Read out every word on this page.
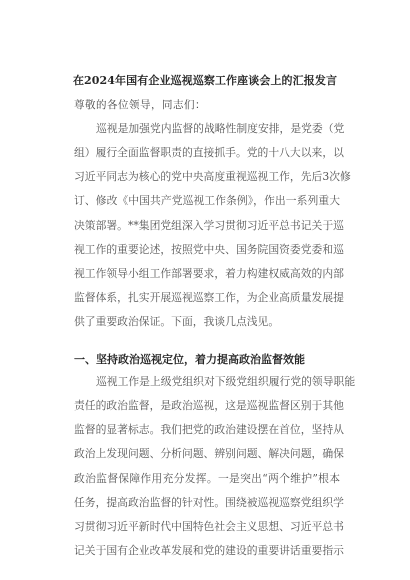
在2024年国有企业巡视巡察工作座谈会上的汇报发言
尊敬的各位领导，同志们：
巡视是加强党内监督的战略性制度安排，是党委（党
组）履行全面监督职责的直接抓手。党的十八大以来，以
习近平同志为核心的党中央高度重视巡视工作，先后3次修
订、修改《中国共产党巡视工作条例》，作出一系列重大
决策部署。**集团党组深入学习贯彻习近平总书记关于巡
视工作的重要论述，按照党中央、国务院国资委党委和巡
视工作领导小组工作部署要求，着力构建权威高效的内部
监督体系，扎实开展巡视巡察工作，为企业高质量发展提
供了重要政治保证。下面，我谈几点浅见。
一、坚持政治巡视定位，着力提高政治监督效能
巡视工作是上级党组织对下级党组织履行党的领导职能
责任的政治监督，是政治巡视，这是巡视监督区别于其他
监督的显著标志。我们把党的政治建设摆在首位，坚持从
政治上发现问题、分析问题、辨别问题、解决问题，确保
政治监督保障作用充分发挥。一是突出“两个维护”根本
任务，提高政治监督的针对性。围绕被巡视巡察党组织学
习贯彻习近平新时代中国特色社会主义思想、习近平总书
记关于国有企业改革发展和党的建设的重要讲话重要指示
